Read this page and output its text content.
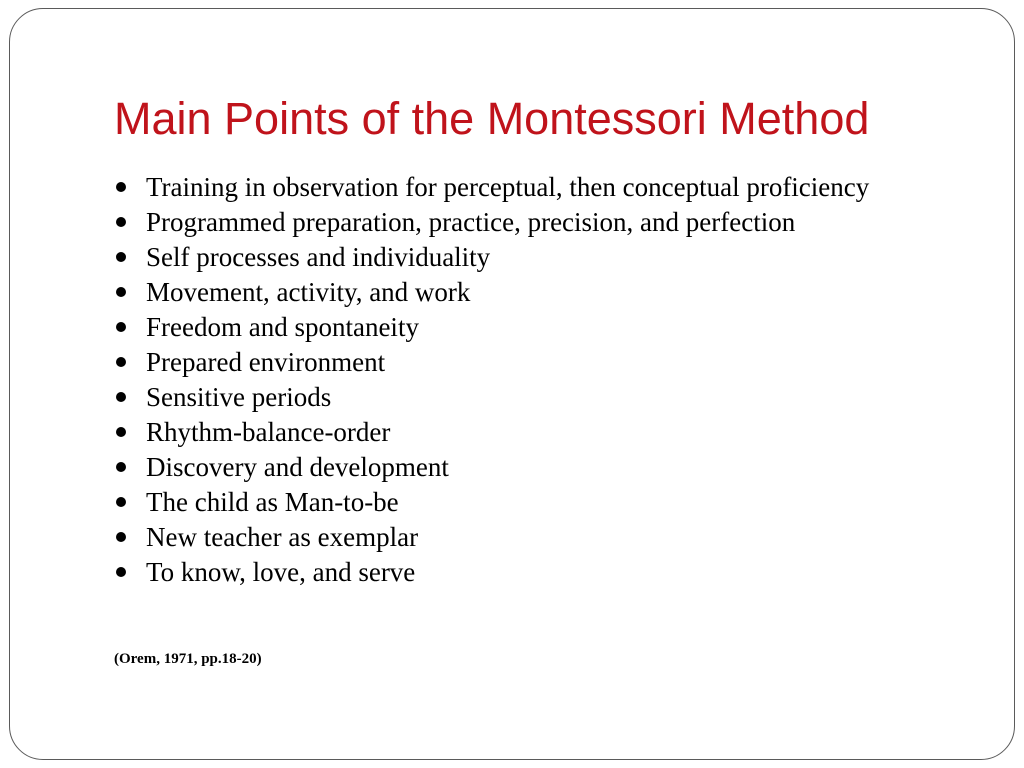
Main Points of the Montessori Method
Training in observation for perceptual, then conceptual proficiency
Programmed preparation, practice, precision, and perfection
Self processes and individuality
Movement, activity, and work
Freedom and spontaneity
Prepared environment
Sensitive periods
Rhythm-balance-order
Discovery and development
The child as Man-to-be
New teacher as exemplar
To know, love, and serve

(Orem, 1971, pp.18-20)
